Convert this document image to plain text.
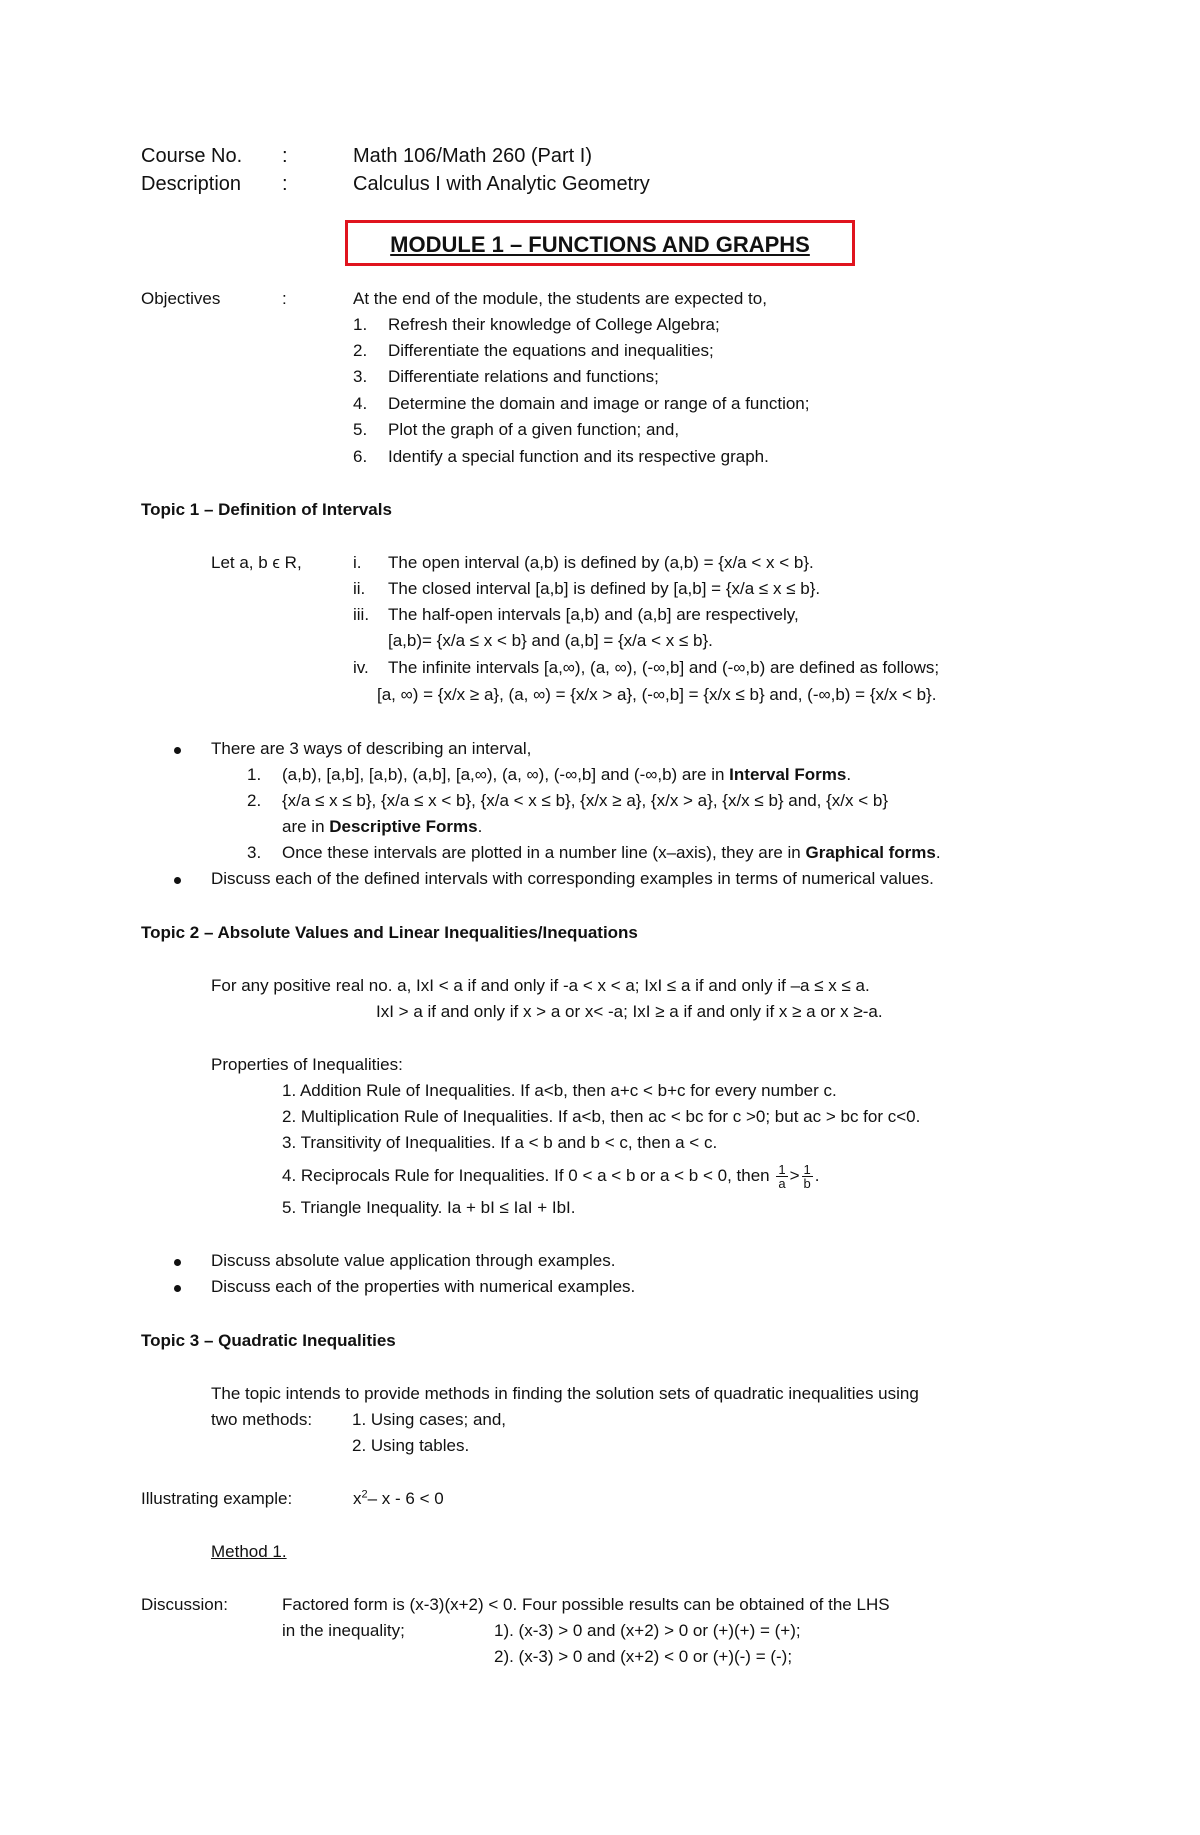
Course No. :	Math 106/Math 260 (Part I)
Description :	Calculus I with Analytic Geometry
MODULE 1 – FUNCTIONS AND GRAPHS
Objectives	:	At the end of the module, the students are expected to,
1. Refresh their knowledge of College Algebra;
2. Differentiate the equations and inequalities;
3. Differentiate relations and functions;
4. Determine the domain and image or range of a function;
5. Plot the graph of a given function; and,
6. Identify a special function and its respective graph.
Topic 1 – Definition of Intervals
Let a, b ϵ R,	i. The open interval (a,b) is defined by (a,b) = {x/a < x < b}.
ii. The closed interval [a,b] is defined by [a,b] = {x/a ≤ x ≤ b}.
iii. The half-open intervals [a,b) and (a,b] are respectively,
[a,b)= {x/a ≤ x < b} and (a,b] = {x/a < x ≤ b}.
iv. The infinite intervals [a,∞), (a, ∞), (-∞,b] and (-∞,b) are defined as follows;
[a, ∞) = {x/x ≥ a}, (a, ∞) = {x/x > a}, (-∞,b] = {x/x ≤ b} and, (-∞,b) = {x/x < b}.
There are 3 ways of describing an interval,
1. (a,b), [a,b], [a,b), (a,b], [a,∞), (a, ∞), (-∞,b] and (-∞,b) are in Interval Forms.
2. {x/a ≤ x ≤ b}, {x/a ≤ x < b}, {x/a < x ≤ b}, {x/x ≥ a}, {x/x > a}, {x/x ≤ b} and, {x/x < b}
are in Descriptive Forms.
3. Once these intervals are plotted in a number line (x–axis), they are in Graphical forms.
Discuss each of the defined intervals with corresponding examples in terms of numerical values.
Topic 2 – Absolute Values and Linear Inequalities/Inequations
For any positive real no. a, IxI < a if and only if -a < x < a; IxI ≤ a if and only if –a ≤ x ≤ a.
IxI > a if and only if x > a or x< -a; IxI ≥ a if and only if x ≥ a or x ≥-a.
Properties of Inequalities:
1. Addition Rule of Inequalities. If a<b, then a+c < b+c for every number c.
2. Multiplication Rule of Inequalities. If a<b, then ac < bc for c >0; but ac > bc for c<0.
3. Transitivity of Inequalities. If a < b and b < c, then a < c.
4. Reciprocals Rule for Inequalities. If 0 < a < b or a < b < 0, then $\frac{1}{a} > \frac{1}{b}$ .
5. Triangle Inequality. Ia + bI ≤ IaI + IbI.
Discuss absolute value application through examples.
Discuss each of the properties with numerical examples.
Topic 3 – Quadratic Inequalities
The topic intends to provide methods in finding the solution sets of quadratic inequalities using
two methods: 1. Using cases; and,
2. Using tables.
Illustrating example:	$x^2-$ x - 6 < 0
Method 1.
Discussion:	Factored form is (x-3)(x+2) < 0. Four possible results can be obtained of the LHS
in the inequality;	1). (x-3) > 0 and (x+2) > 0 or (+)(+) = (+);
2). (x-3) > 0 and (x+2) < 0 or (+)(-) = (-);
